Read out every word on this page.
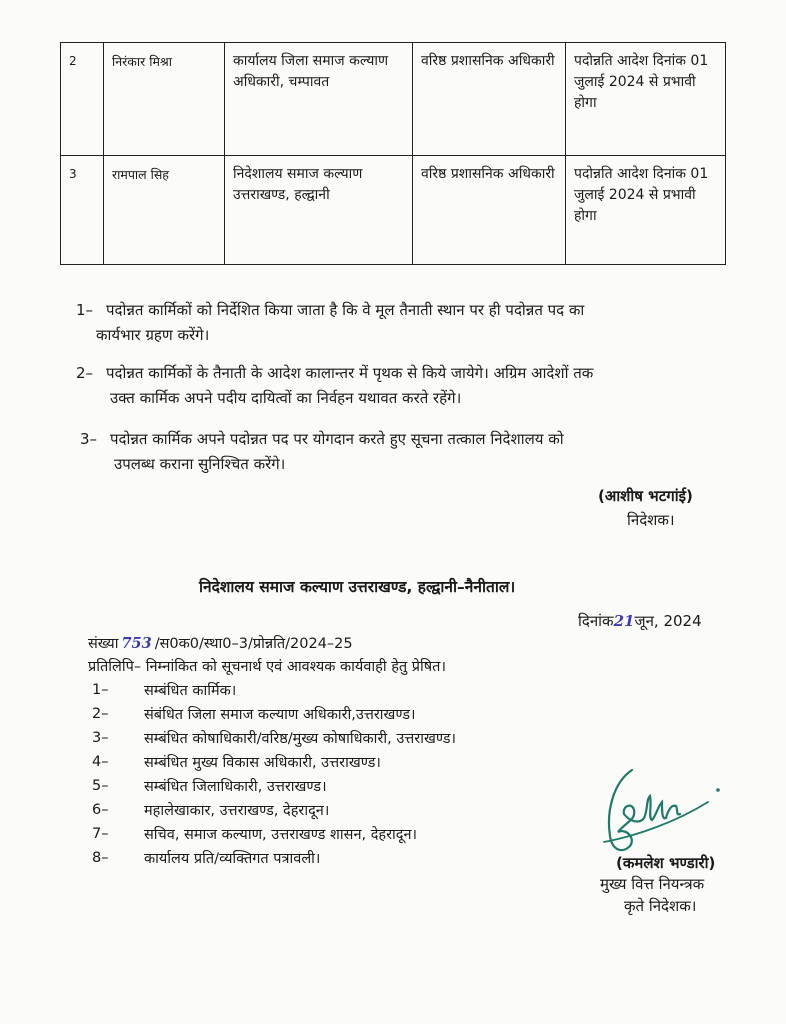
2	निरंकार मिश्रा	कार्यालय जिला समाज कल्याण अधिकारी, चम्पावत	वरिष्ठ प्रशासनिक अधिकारी	पदोन्नति आदेश दिनांक 01 जुलाई 2024 से प्रभावी होगा
3	रामपाल सिह	निदेशालय समाज कल्याण उत्तराखण्ड, हल्द्वानी	वरिष्ठ प्रशासनिक अधिकारी	पदोन्नति आदेश दिनांक 01 जुलाई 2024 से प्रभावी होगा
1– पदोन्नत कार्मिकों को निर्देशित किया जाता है कि वे मूल तैनाती स्थान पर ही पदोन्नत पद का
कार्यभार ग्रहण करेंगे।
2– पदोन्नत कार्मिकों के तैनाती के आदेश कालान्तर में पृथक से किये जायेगे। अग्रिम आदेशों तक
उक्त कार्मिक अपने पदीय दायित्वों का निर्वहन यथावत करते रहेंगे।
3– पदोन्नत कार्मिक अपने पदोन्नत पद पर योगदान करते हुए सूचना तत्काल निदेशालय को
उपलब्ध कराना सुनिश्चित करेंगे।
(आशीष भटगांई)
निदेशक।
निदेशालय समाज कल्याण उत्तराखण्ड, हल्द्वानी–नैनीताल।
दिनांक21जून, 2024
संख्या 753 /स0क0/स्था0–3/प्रोन्नति/2024–25
प्रतिलिपि– निम्नांकित को सूचनार्थ एवं आवश्यक कार्यवाही हेतु प्रेषित।
1– सम्बंधित कार्मिक।
2– संबंधित जिला समाज कल्याण अधिकारी,उत्तराखण्ड।
3– सम्बंधित कोषाधिकारी/वरिष्ठ/मुख्य कोषाधिकारी, उत्तराखण्ड।
4– सम्बंधित मुख्य विकास अधिकारी, उत्तराखण्ड।
5– सम्बंधित जिलाधिकारी, उत्तराखण्ड।
6– महालेखाकार, उत्तराखण्ड, देहरादून।
7– सचिव, समाज कल्याण, उत्तराखण्ड शासन, देहरादून।
8– कार्यालय प्रति/व्यक्तिगत पत्रावली।	(कमलेश भण्डारी)
मुख्य वित्त नियन्त्रक
कृते निदेशक।
